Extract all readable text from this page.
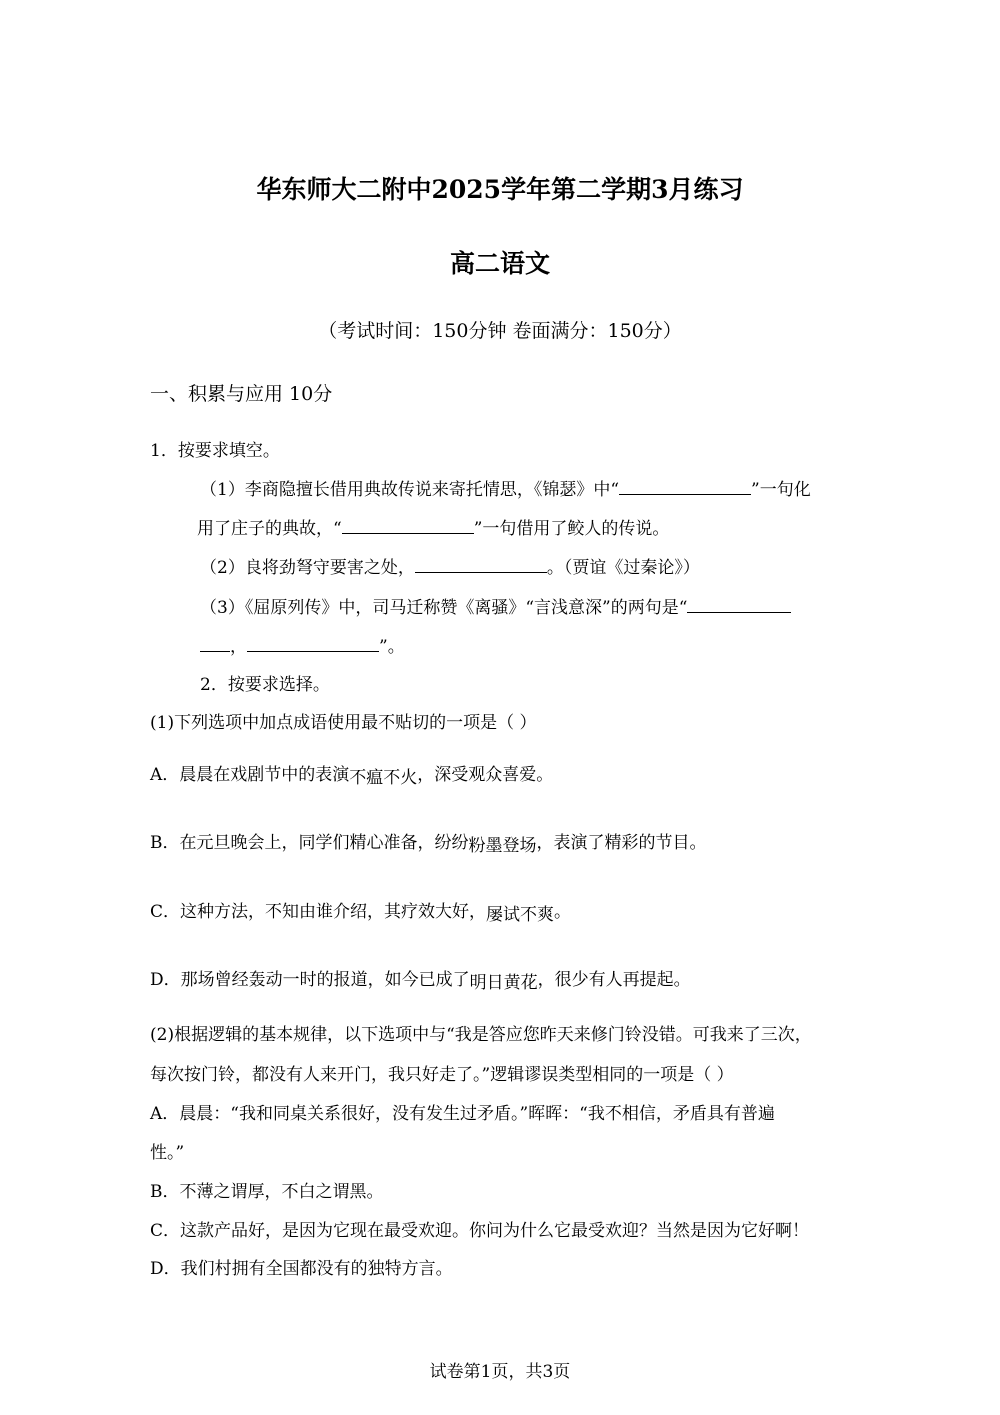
华东师大二附中2025学年第二学期3月练习
高二语文
（考试时间：150分钟 卷面满分：150分）
一、积累与应用 10分
1．按要求填空。
（1）李商隐擅长借用典故传说来寄托情思，《锦瑟》中“	”一句化
用了庄子的典故，“	”一句借用了鲛人的传说。
（2）良将劲弩守要害之处，	。（贾谊《过秦论》）
（3）《屈原列传》中，司马迁称赞《离骚》“言浅意深”的两句是“
，	”。
2．按要求选择。
(1)下列选项中加点成语使用最不贴切的一项是（ ）
A．晨晨在戏剧节中的表演不瘟不火，深受观众喜爱。
B．在元旦晚会上，同学们精心准备，纷纷粉墨登场，表演了精彩的节目。
C．这种方法，不知由谁介绍，其疗效大好，屡试不爽。
D．那场曾经轰动一时的报道，如今已成了明日黄花，很少有人再提起。
(2)根据逻辑的基本规律，以下选项中与“我是答应您昨天来修门铃没错。可我来了三次，
每次按门铃，都没有人来开门，我只好走了。”逻辑谬误类型相同的一项是（ ）
A．晨晨：“我和同桌关系很好，没有发生过矛盾。”晖晖：“我不相信，矛盾具有普遍
性。”
B．不薄之谓厚，不白之谓黑。
C．这款产品好，是因为它现在最受欢迎。你问为什么它最受欢迎？当然是因为它好啊！
D．我们村拥有全国都没有的独特方言。
试卷第1页，共3页
